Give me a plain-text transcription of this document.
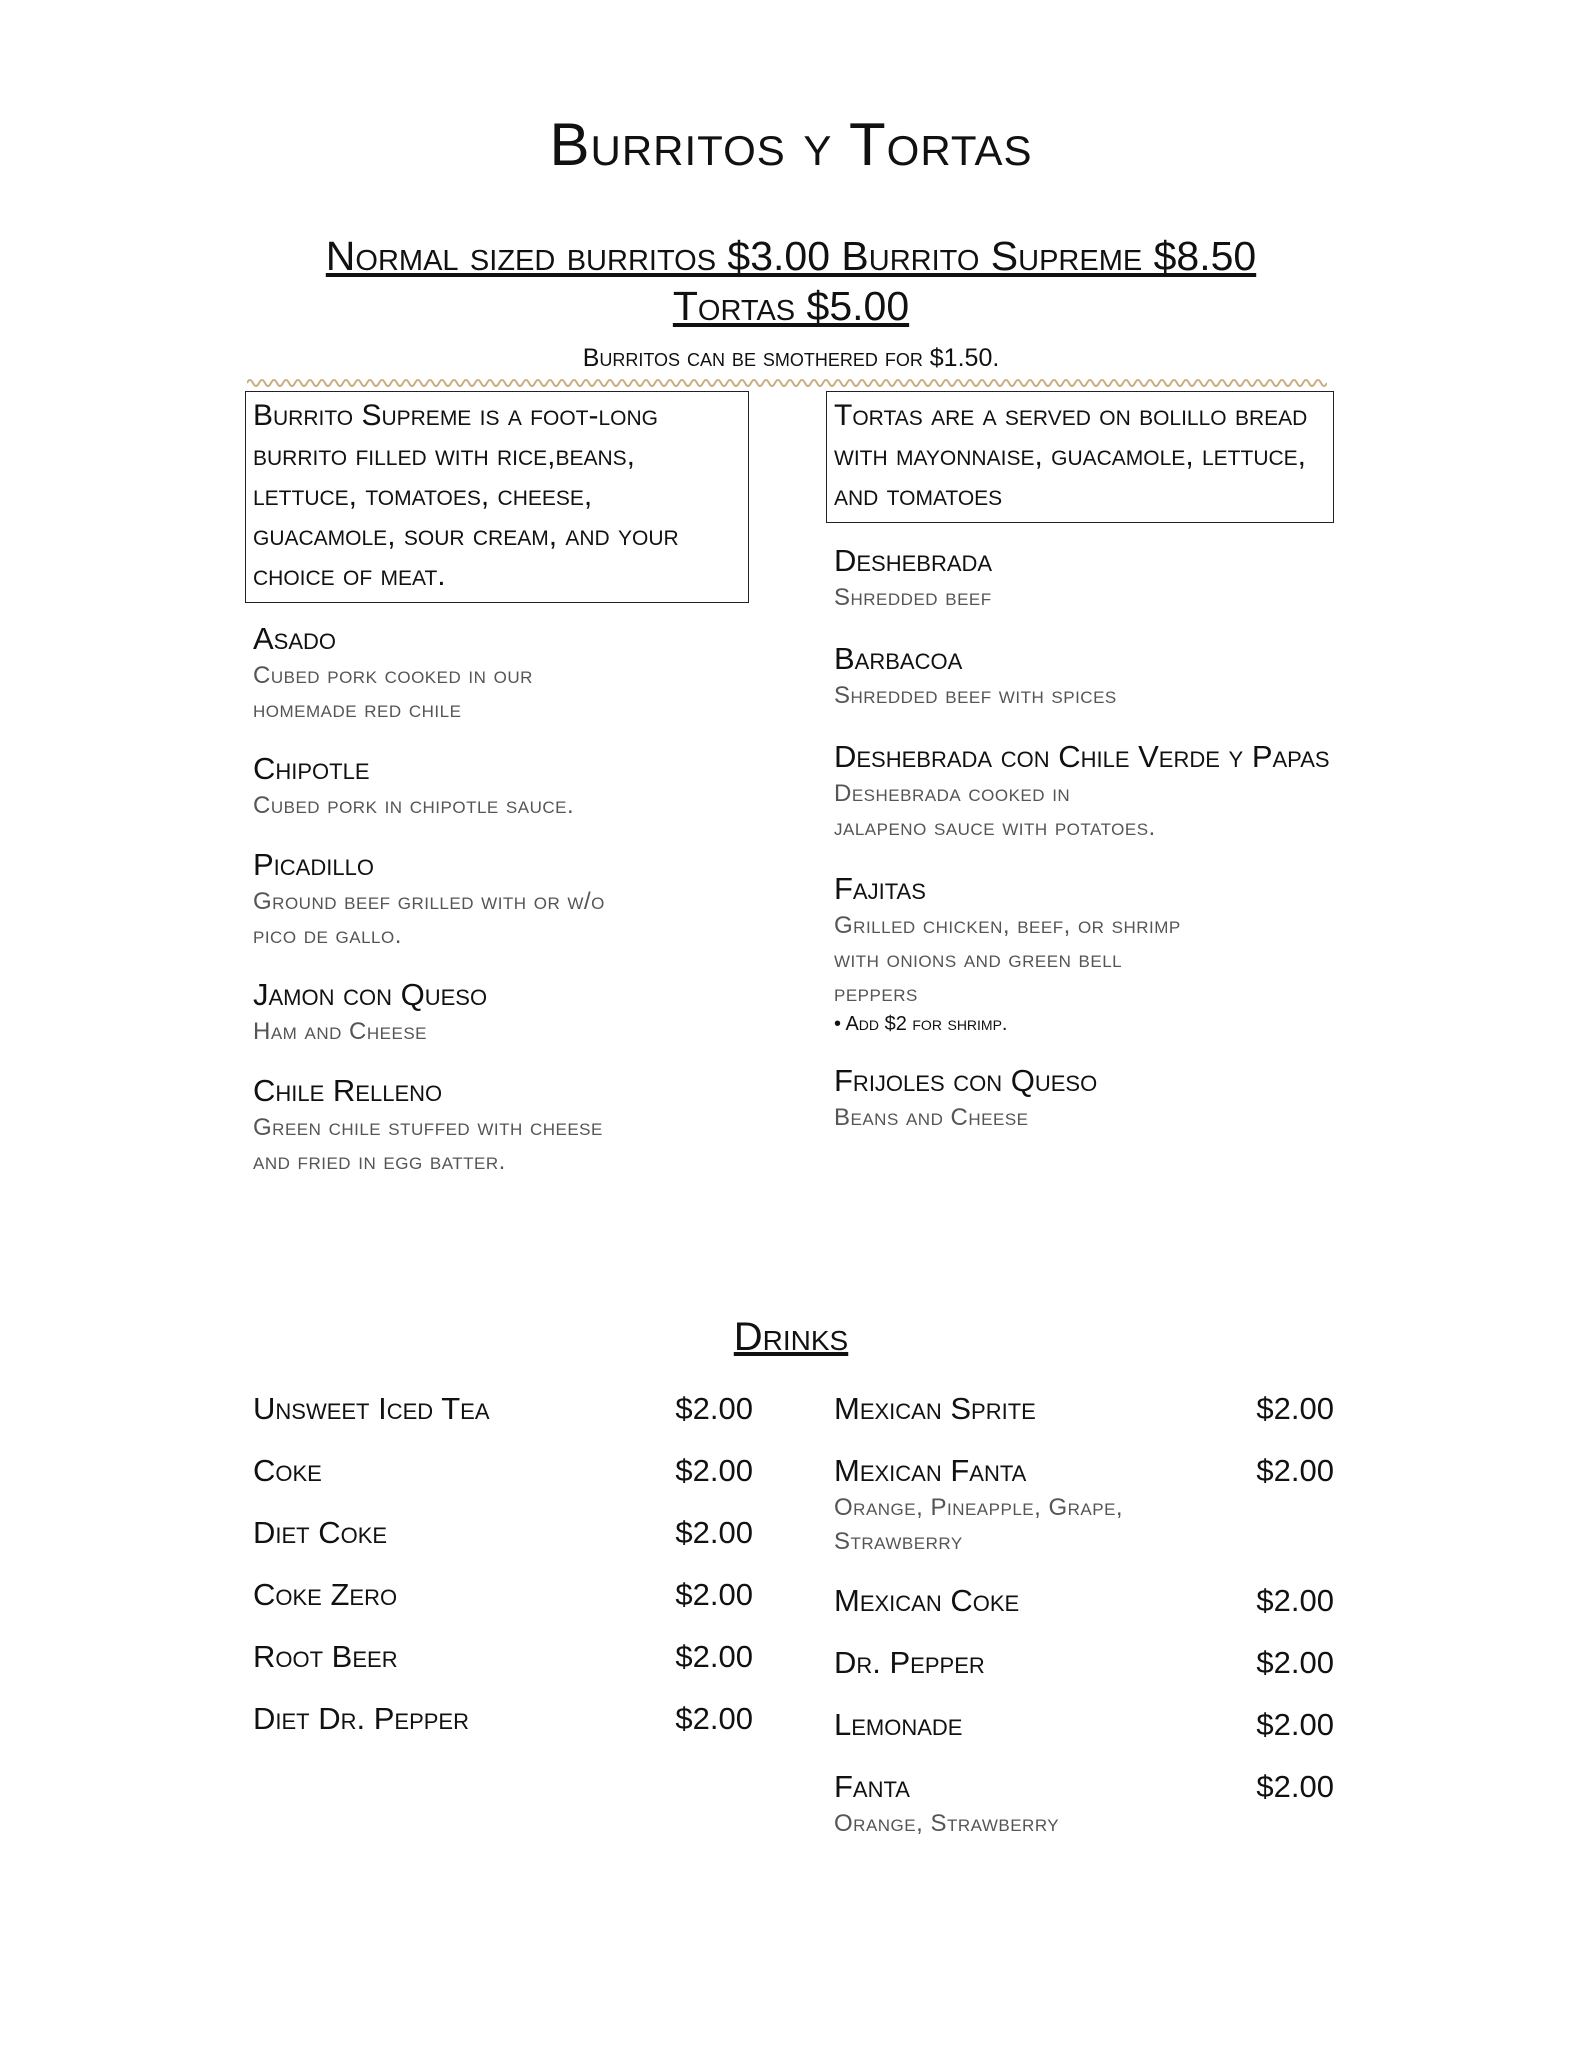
Burritos y Tortas
Normal sized burritos $3.00 Burrito Supreme $8.50
Tortas $5.00
Burritos can be smothered for $1.50.
Burrito Supreme is a foot-long burrito filled with rice,beans, lettuce, tomatoes, cheese, guacamole, sour cream, and your choice of meat.
Asado
Cubed pork cooked in our homemade red chile
Chipotle
Cubed pork in chipotle sauce.
Picadillo
Ground beef grilled with or w/o pico de gallo.
Jamon con Queso
Ham and Cheese
Chile Relleno
Green chile stuffed with cheese and fried in egg batter.
Tortas are a served on bolillo bread with mayonnaise, guacamole, lettuce, and tomatoes
Deshebrada
Shredded beef
Barbacoa
Shredded beef with spices
Deshebrada con Chile Verde y Papas
Deshebrada cooked in jalapeno sauce with potatoes.
Fajitas
Grilled chicken, beef, or shrimp with onions and green bell peppers
• Add $2 for shrimp.
Frijoles con Queso
Beans and Cheese
Drinks
Unsweet Iced Tea	$2.00
Coke	$2.00
Diet Coke	$2.00
Coke Zero	$2.00
Root Beer	$2.00
Diet Dr. Pepper	$2.00
Mexican Sprite	$2.00
Mexican Fanta	$2.00
Orange, Pineapple, Grape, Strawberry
Mexican Coke	$2.00
Dr. Pepper	$2.00
Lemonade	$2.00
Fanta	$2.00
Orange, Strawberry
